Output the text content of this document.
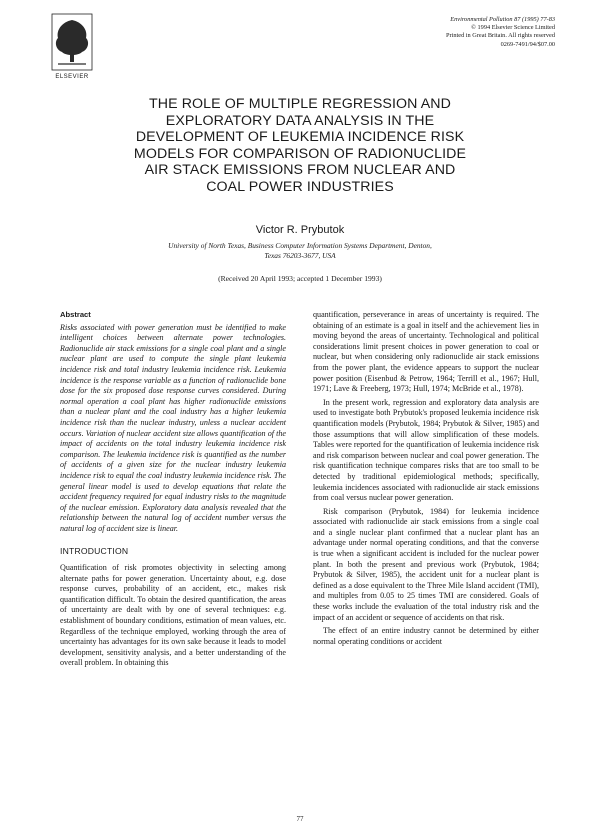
ELSEVIER
Environmental Pollution 87 (1995) 77-83
© 1994 Elsevier Science Limited
Printed in Great Britain. All rights reserved
0269-7491/94/$07.00
THE ROLE OF MULTIPLE REGRESSION AND
EXPLORATORY DATA ANALYSIS IN THE
DEVELOPMENT OF LEUKEMIA INCIDENCE RISK
MODELS FOR COMPARISON OF RADIONUCLIDE
AIR STACK EMISSIONS FROM NUCLEAR AND
COAL POWER INDUSTRIES
Victor R. Prybutok
University of North Texas, Business Computer Information Systems Department, Denton,
Texas 76203-3677, USA
(Received 20 April 1993; accepted 1 December 1993)
Abstract

Risks associated with power generation must be identified to make intelligent choices between alternate power technologies. Radionuclide air stack emissions for a single coal plant and a single nuclear plant are used to compute the single plant leukemia incidence risk and total industry leukemia incidence risk. Leukemia incidence is the response variable as a function of radionuclide bone dose for the six proposed dose response curves considered. During normal operation a coal plant has higher radionuclide emissions than a nuclear plant and the coal industry has a higher leukemia incidence risk than the nuclear industry, unless a nuclear accident occurs. Variation of nuclear accident size allows quantification of the impact of accidents on the total industry leukemia incidence risk comparison. The leukemia incidence risk is quantified as the number of accidents of a given size for the nuclear industry leukemia incidence risk to equal the coal industry leukemia incidence risk. The general linear model is used to develop equations that relate the accident frequency required for equal industry risks to the magnitude of the nuclear emission. Exploratory data analysis revealed that the relationship between the natural log of accident number versus the natural log of accident size is linear.

INTRODUCTION

Quantification of risk promotes objectivity in selecting among alternate paths for power generation. Uncertainty about, e.g. dose response curves, probability of an accident, etc., makes risk quantification difficult. To obtain the desired quantification, the areas of uncertainty are dealt with by one of several techniques: e.g. establishment of boundary conditions, estimation of mean values, etc. Regardless of the technique employed, working through the area of uncertainty has advantages for its own sake because it leads to model development, sensitivity analysis, and a better understanding of the overall problem. In obtaining this

quantification, perseverance in areas of uncertainty is required. The obtaining of an estimate is a goal in itself and the achievement lies in moving beyond the areas of uncertainty. Technological and political considerations limit present choices in power generation to coal or nuclear, but when considering only radionuclide air stack emissions from the power plant, the evidence appears to support the nuclear power position (Eisenbud & Petrow, 1964; Terrill et al., 1967; Hull, 1971; Lave & Freeberg, 1973; Hull, 1974; McBride et al., 1978).

In the present work, regression and exploratory data analysis are used to investigate both Prybutok's proposed leukemia incidence risk quantification models (Prybutok, 1984; Prybutok & Silver, 1985) and those assumptions that will allow simplification of these models. Tables were reported for the quantification of leukemia incidence risk and risk comparison between nuclear and coal power generation. The risk quantification technique compares risks that are too small to be detected by traditional epidemiological methods; specifically, leukemia incidences associated with radionuclide air stack emissions from coal versus nuclear power generation.

Risk comparison (Prybutok, 1984) for leukemia incidence associated with radionuclide air stack emissions from a single coal and a single nuclear plant confirmed that a nuclear plant has an advantage under normal operating conditions, and that the converse is true when a significant accident is included for the nuclear power plant. In both the present and previous work (Prybutok, 1984; Prybutok & Silver, 1985), the accident unit for a nuclear plant is defined as a dose equivalent to the Three Mile Island accident (TMI), and multiples from 0.05 to 25 times TMI are considered. Goals of these works include the evaluation of the total industry risk and the impact of an accident or sequence of accidents on that risk.

The effect of an entire industry cannot be determined by either normal operating conditions or accident

77
